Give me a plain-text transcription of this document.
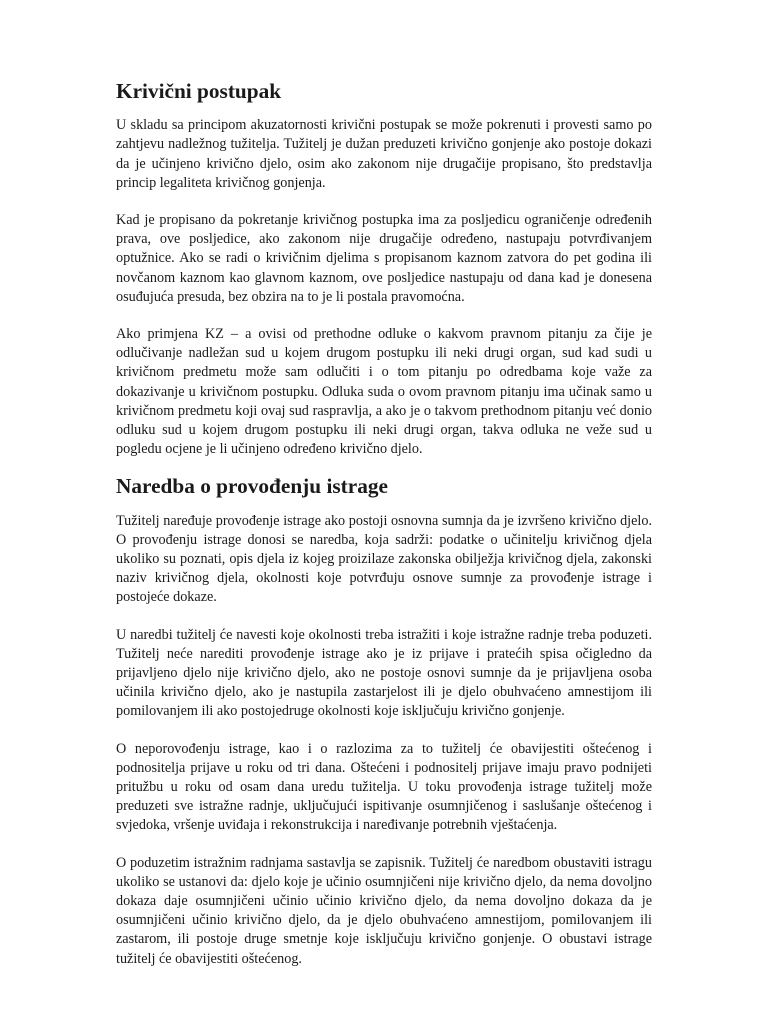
Krivični postupak

U skladu sa principom akuzatornosti krivični postupak se može pokrenuti i provesti samo po zahtjevu nadležnog tužitelja. Tužitelj je dužan preduzeti krivično gonjenje ako postoje dokazi da je učinjeno krivično djelo, osim ako zakonom nije drugačije propisano, što predstavlja princip legaliteta krivičnog gonjenja.

Kad je propisano da pokretanje krivičnog postupka ima za posljedicu ograničenje određenih prava, ove posljedice, ako zakonom nije drugačije određeno, nastupaju potvrđivanjem optužnice. Ako se radi o krivičnim djelima s propisanom kaznom zatvora do pet godina ili novčanom kaznom kao glavnom kaznom, ove posljedice nastupaju od dana kad je donesena osuđujuća presuda, bez obzira na to je li postala pravomoćna.

Ako primjena KZ – a ovisi od prethodne odluke o kakvom pravnom pitanju za čije je odlučivanje nadležan sud u kojem drugom postupku ili neki drugi organ, sud kad sudi u krivičnom predmetu može sam odlučiti i o tom pitanju po odredbama koje važe za dokazivanje u krivičnom postupku. Odluka suda o ovom pravnom pitanju ima učinak samo u krivičnom predmetu koji ovaj sud raspravlja, a ako je o takvom prethodnom pitanju već donio odluku sud u kojem drugom postupku ili neki drugi organ, takva odluka ne veže sud u pogledu ocjene je li učinjeno određeno krivično djelo.

Naredba o provođenju istrage

Tužitelj naređuje provođenje istrage ako postoji osnovna sumnja da je izvršeno krivično djelo. O provođenju istrage donosi se naredba, koja sadrži: podatke o učinitelju krivičnog djela ukoliko su poznati, opis djela iz kojeg proizilaze zakonska obilježja krivičnog djela, zakonski naziv krivičnog djela, okolnosti koje potvrđuju osnove sumnje za provođenje istrage i postojeće dokaze.

U naredbi tužitelj će navesti koje okolnosti treba istražiti i koje istražne radnje treba poduzeti. Tužitelj neće narediti provođenje istrage ako je iz prijave i pratećih spisa očigledno da prijavljeno djelo nije krivično djelo, ako ne postoje osnovi sumnje da je prijavljena osoba učinila krivično djelo, ako je nastupila zastarjelost ili je djelo obuhvaćeno amnestijom ili pomilovanjem ili ako postojedruge okolnosti koje isključuju krivično gonjenje.

O neporovođenju istrage, kao i o razlozima za to tužitelj će obavijestiti oštećenog i podnositelja prijave u roku od tri dana. Oštećeni i podnositelj prijave imaju pravo podnijeti pritužbu u roku od osam dana uredu tužitelja. U toku provođenja istrage tužitelj može preduzeti sve istražne radnje, uključujući ispitivanje osumnjičenog i saslušanje oštećenog i svjedoka, vršenje uviđaja i rekonstrukcija i naređivanje potrebnih vještaćenja.

O poduzetim istražnim radnjama sastavlja se zapisnik. Tužitelj će naredbom obustaviti istragu ukoliko se ustanovi da: djelo koje je učinio osumnjičeni nije krivično djelo, da nema dovoljno dokaza daje osumnjičeni učinio učinio krivično djelo, da nema dovoljno dokaza da je osumnjičeni učinio krivično djelo, da je djelo obuhvaćeno amnestijom, pomilovanjem ili zastarom, ili postoje druge smetnje koje isključuju krivično gonjenje. O obustavi istrage tužitelj će obavijestiti oštećenog.
